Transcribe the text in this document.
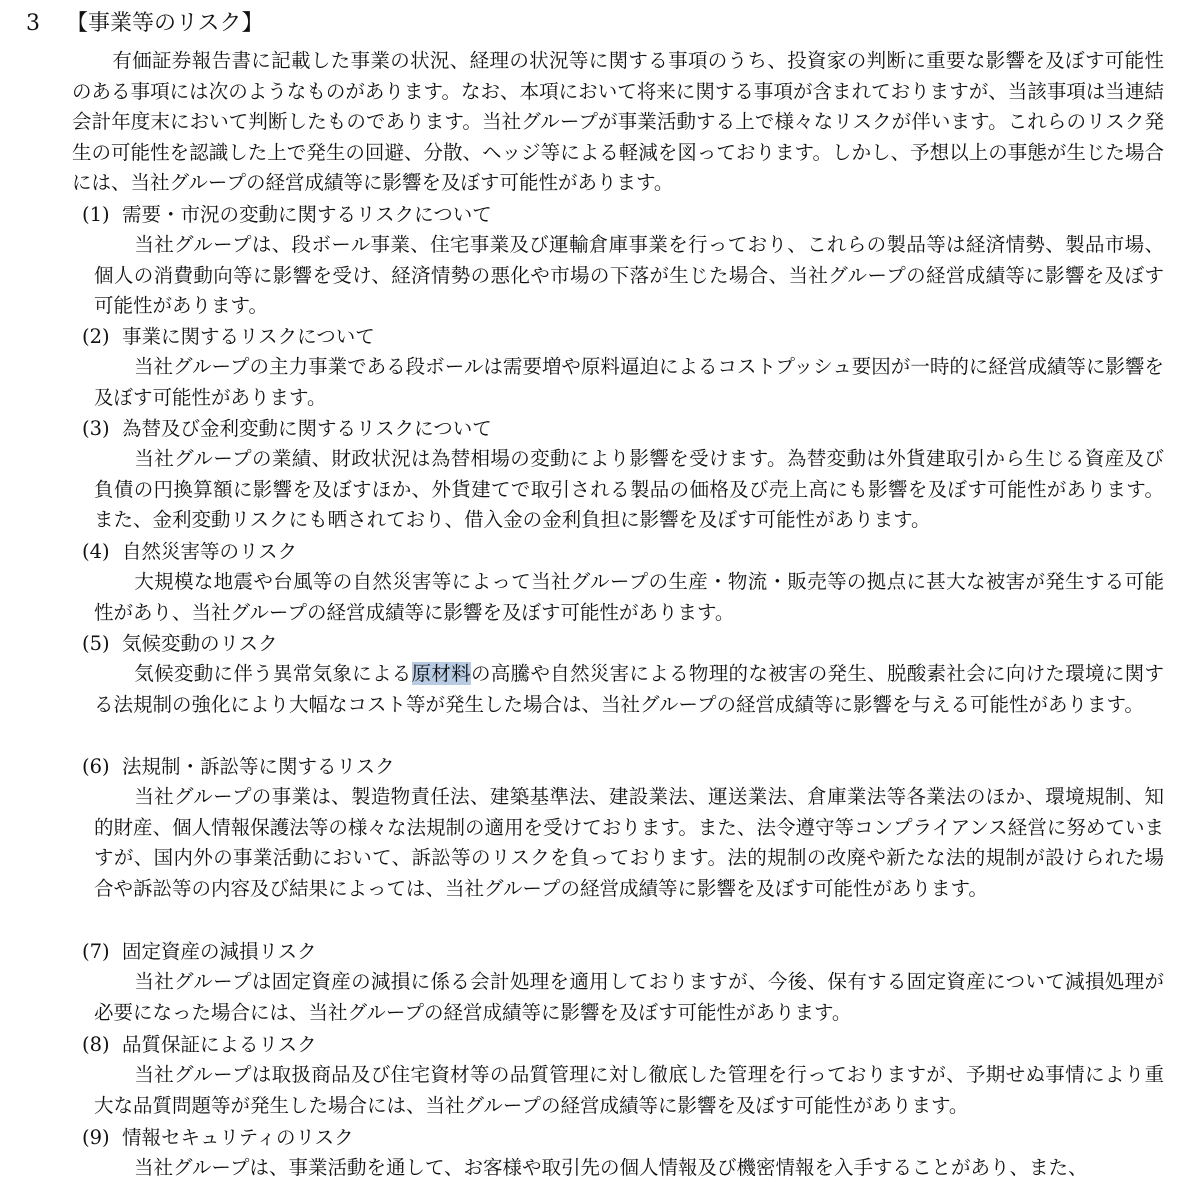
3 【事業等のリスク】
有価証券報告書に記載した事業の状況、経理の状況等に関する事項のうち、投資家の判断に重要な影響を及ぼす可能性のある事項には次のようなものがあります。なお、本項において将来に関する事項が含まれておりますが、当該事項は当連結会計年度末において判断したものであります。当社グループが事業活動する上で様々なリスクが伴います。これらのリスク発生の可能性を認識した上で発生の回避、分散、ヘッジ等による軽減を図っております。しかし、予想以上の事態が生じた場合には、当社グループの経営成績等に影響を及ぼす可能性があります。
(1) 需要・市況の変動に関するリスクについて
当社グループは、段ボール事業、住宅事業及び運輸倉庫事業を行っており、これらの製品等は経済情勢、製品市場、個人の消費動向等に影響を受け、経済情勢の悪化や市場の下落が生じた場合、当社グループの経営成績等に影響を及ぼす可能性があります。
(2) 事業に関するリスクについて
当社グループの主力事業である段ボールは需要増や原料逼迫によるコストプッシュ要因が一時的に経営成績等に影響を及ぼす可能性があります。
(3) 為替及び金利変動に関するリスクについて
当社グループの業績、財政状況は為替相場の変動により影響を受けます。為替変動は外貨建取引から生じる資産及び負債の円換算額に影響を及ぼすほか、外貨建てで取引される製品の価格及び売上高にも影響を及ぼす可能性があります。また、金利変動リスクにも晒されており、借入金の金利負担に影響を及ぼす可能性があります。
(4) 自然災害等のリスク
大規模な地震や台風等の自然災害等によって当社グループの生産・物流・販売等の拠点に甚大な被害が発生する可能性があり、当社グループの経営成績等に影響を及ぼす可能性があります。
(5) 気候変動のリスク
気候変動に伴う異常気象による原材料の高騰や自然災害による物理的な被害の発生、脱酸素社会に向けた環境に関する法規制の強化により大幅なコスト等が発生した場合は、当社グループの経営成績等に影響を与える可能性があります。
(6) 法規制・訴訟等に関するリスク
当社グループの事業は、製造物責任法、建築基準法、建設業法、運送業法、倉庫業法等各業法のほか、環境規制、知的財産、個人情報保護法等の様々な法規制の適用を受けております。また、法令遵守等コンプライアンス経営に努めていますが、国内外の事業活動において、訴訟等のリスクを負っております。法的規制の改廃や新たな法的規制が設けられた場合や訴訟等の内容及び結果によっては、当社グループの経営成績等に影響を及ぼす可能性があります。
(7) 固定資産の減損リスク
当社グループは固定資産の減損に係る会計処理を適用しておりますが、今後、保有する固定資産について減損処理が必要になった場合には、当社グループの経営成績等に影響を及ぼす可能性があります。
(8) 品質保証によるリスク
当社グループは取扱商品及び住宅資材等の品質管理に対し徹底した管理を行っておりますが、予期せぬ事情により重大な品質問題等が発生した場合には、当社グループの経営成績等に影響を及ぼす可能性があります。
(9) 情報セキュリティのリスク
当社グループは、事業活動を通して、お客様や取引先の個人情報及び機密情報を入手することがあり、また、
